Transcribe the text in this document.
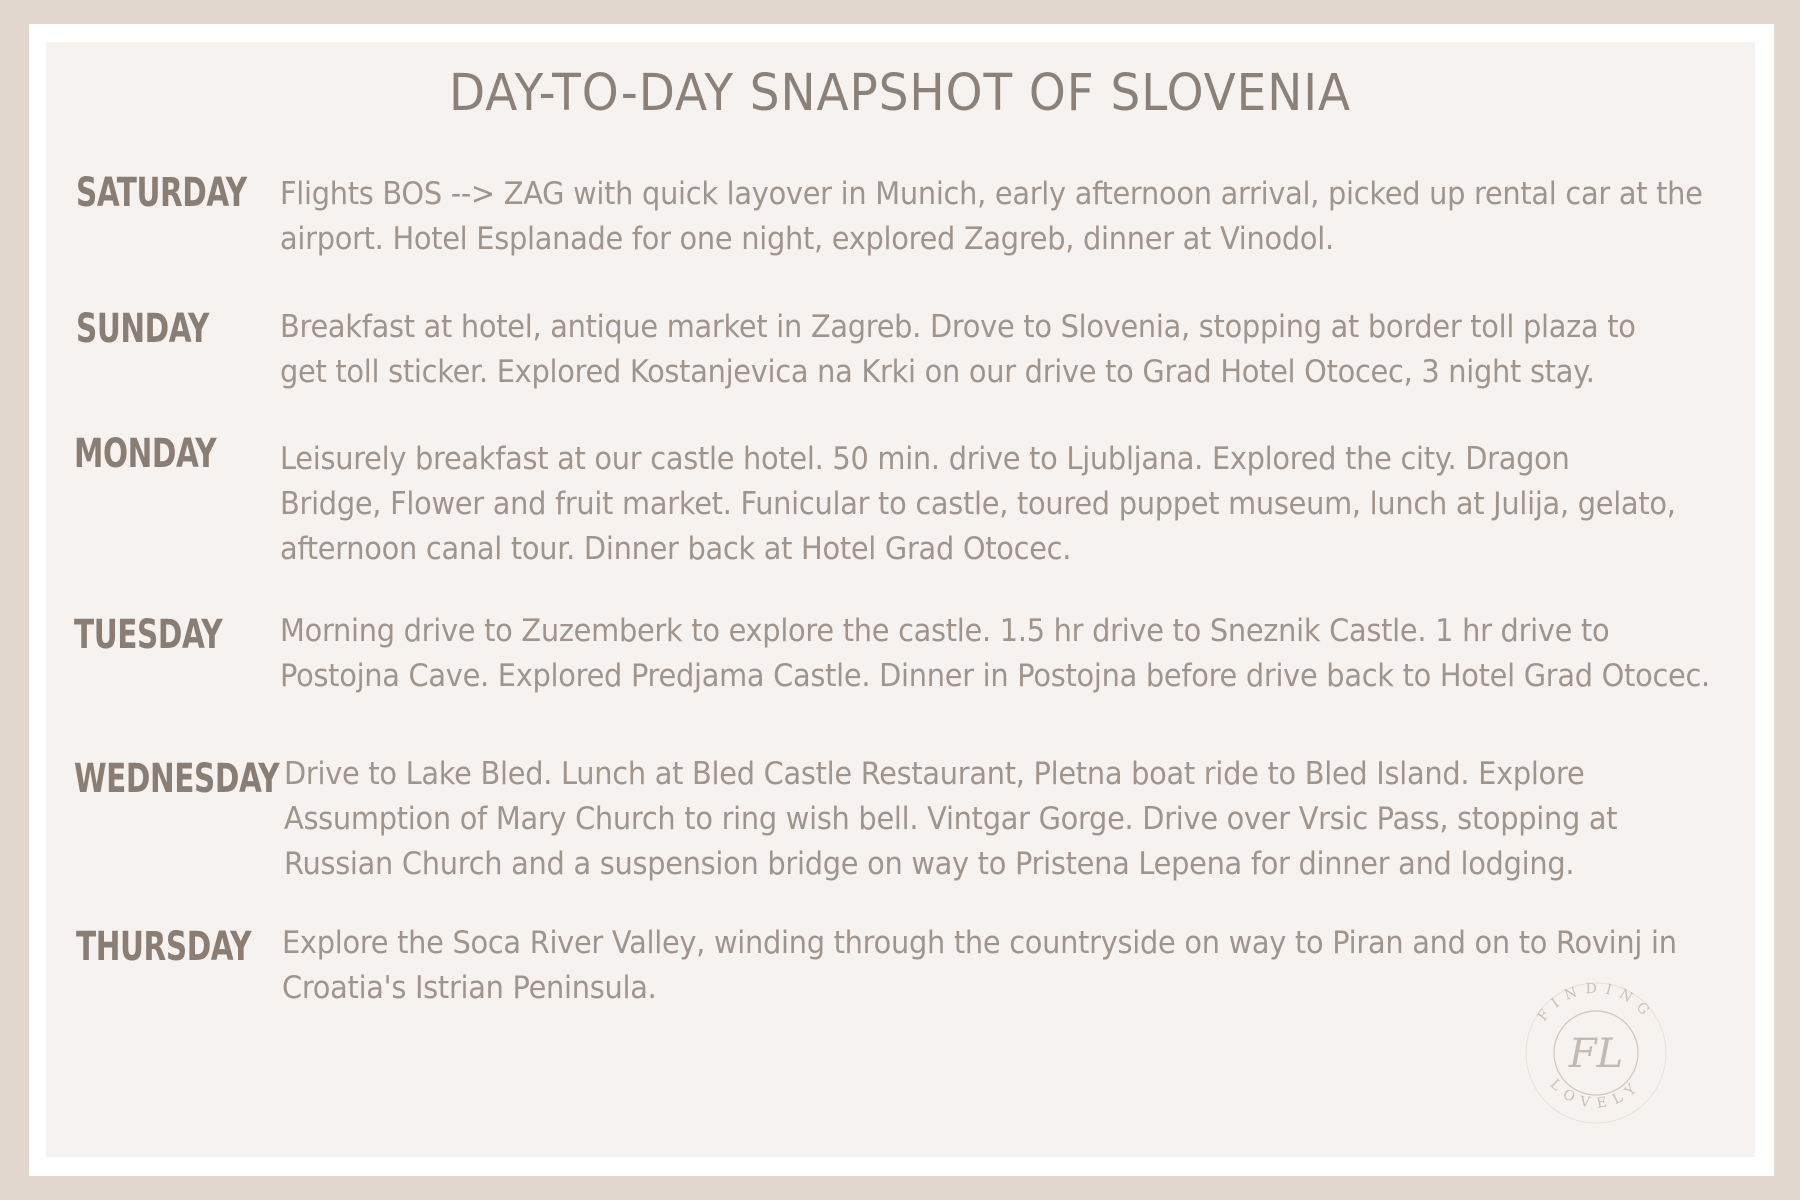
DAY-TO-DAY SNAPSHOT OF SLOVENIA
SATURDAY Flights BOS --> ZAG with quick layover in Munich, early afternoon arrival, picked up rental car at the
airport. Hotel Esplanade for one night, explored Zagreb, dinner at Vinodol.
SUNDAY Breakfast at hotel, antique market in Zagreb. Drove to Slovenia, stopping at border toll plaza to
get toll sticker. Explored Kostanjevica na Krki on our drive to Grad Hotel Otocec, 3 night stay.
MONDAY Leisurely breakfast at our castle hotel. 50 min. drive to Ljubljana. Explored the city. Dragon
Bridge, Flower and fruit market. Funicular to castle, toured puppet museum, lunch at Julija, gelato,
afternoon canal tour. Dinner back at Hotel Grad Otocec.
TUESDAY Morning drive to Zuzemberk to explore the castle. 1.5 hr drive to Sneznik Castle. 1 hr drive to
Postojna Cave. Explored Predjama Castle. Dinner in Postojna before drive back to Hotel Grad Otocec.
WEDNESDAY Drive to Lake Bled. Lunch at Bled Castle Restaurant, Pletna boat ride to Bled Island. Explore
Assumption of Mary Church to ring wish bell. Vintgar Gorge. Drive over Vrsic Pass, stopping at
Russian Church and a suspension bridge on way to Pristena Lepena for dinner and lodging.
THURSDAY Explore the Soca River Valley, winding through the countryside on way to Piran and on to Rovinj in
Croatia's Istrian Peninsula.
FINDING
LOVELY
FL
